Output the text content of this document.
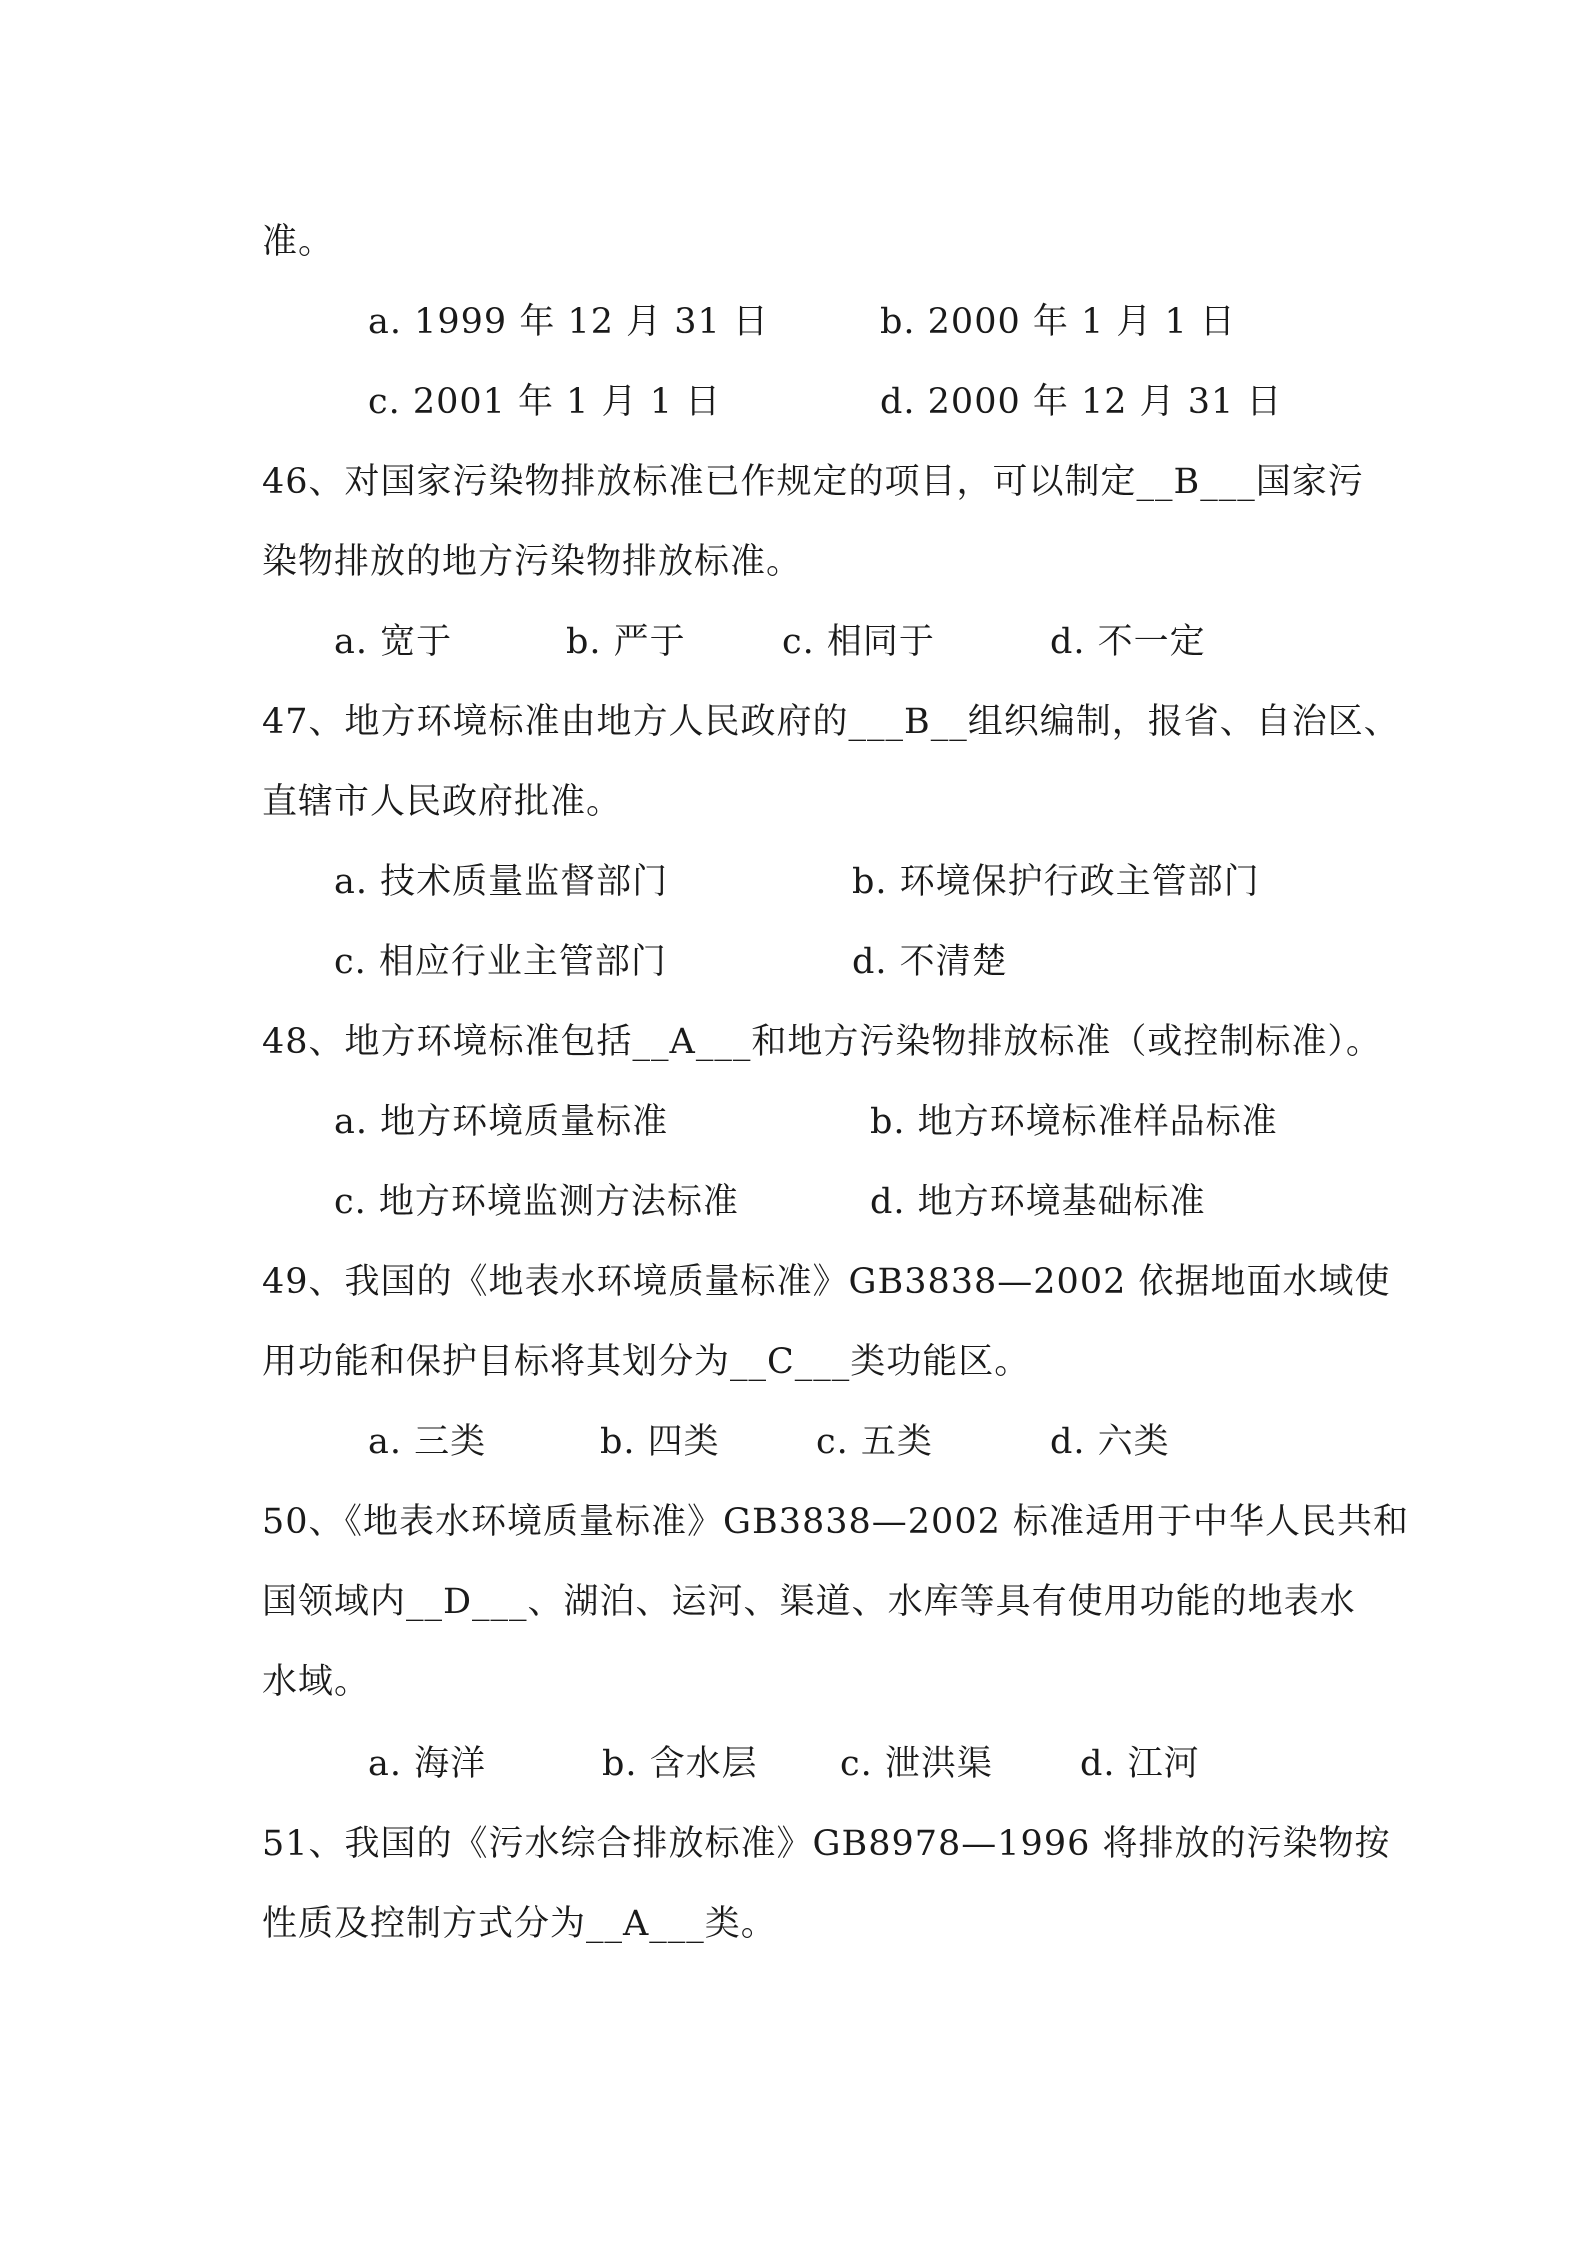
准。
a. 1999 年 12 月 31 日	b. 2000 年 1 月 1 日
c. 2001 年 1 月 1 日	d. 2000 年 12 月 31 日
46、对国家污染物排放标准已作规定的项目，可以制定__B___国家污
染物排放的地方污染物排放标准。
a. 宽于	b. 严于	c. 相同于	d. 不一定
47、地方环境标准由地方人民政府的___B__组织编制，报省、自治区、
直辖市人民政府批准。
a. 技术质量监督部门	b. 环境保护行政主管部门
c. 相应行业主管部门	d. 不清楚
48、地方环境标准包括__A___和地方污染物排放标准（或控制标准）。
a. 地方环境质量标准	b. 地方环境标准样品标准
c. 地方环境监测方法标准	d. 地方环境基础标准
49、我国的《地表水环境质量标准》GB3838—2002 依据地面水域使
用功能和保护目标将其划分为__C___类功能区。
a. 三类	b. 四类	c. 五类	d. 六类
50、《地表水环境质量标准》GB3838—2002 标准适用于中华人民共和
国领域内__D___、湖泊、运河、渠道、水库等具有使用功能的地表水
水域。
a. 海洋	b. 含水层 c. 泄洪渠 d. 江河
51、我国的《污水综合排放标准》GB8978—1996 将排放的污染物按
性质及控制方式分为__A___类。
